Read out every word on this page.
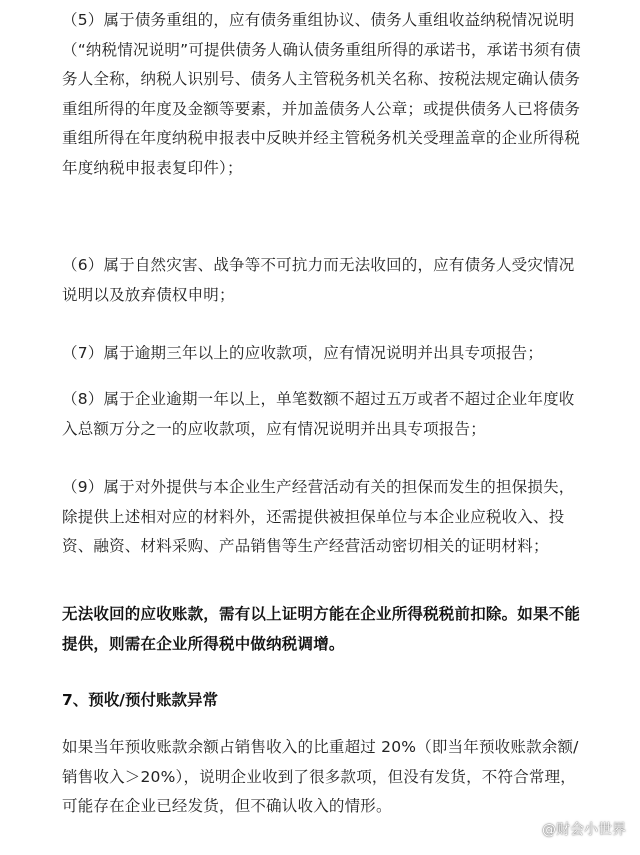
（5）属于债务重组的，应有债务重组协议、债务人重组收益纳税情况说明（“纳税情况说明”可提供债务人确认债务重组所得的承诺书，承诺书须有债务人全称，纳税人识别号、债务人主管税务机关名称、按税法规定确认债务重组所得的年度及金额等要素，并加盖债务人公章；或提供债务人已将债务重组所得在年度纳税申报表中反映并经主管税务机关受理盖章的企业所得税年度纳税申报表复印件）；

（6）属于自然灾害、战争等不可抗力而无法收回的，应有债务人受灾情况说明以及放弃债权申明；

（7）属于逾期三年以上的应收款项，应有情况说明并出具专项报告；

（8）属于企业逾期一年以上，单笔数额不超过五万或者不超过企业年度收入总额万分之一的应收款项，应有情况说明并出具专项报告；

（9）属于对外提供与本企业生产经营活动有关的担保而发生的担保损失，除提供上述相对应的材料外，还需提供被担保单位与本企业应税收入、投资、融资、材料采购、产品销售等生产经营活动密切相关的证明材料；

无法收回的应收账款，需有以上证明方能在企业所得税税前扣除。如果不能提供，则需在企业所得税中做纳税调增。

7、预收/预付账款异常

如果当年预收账款余额占销售收入的比重超过 20%（即当年预收账款余额/销售收入＞20%），说明企业收到了很多款项，但没有发货，不符合常理，可能存在企业已经发货，但不确认收入的情形。

@财会小世界
